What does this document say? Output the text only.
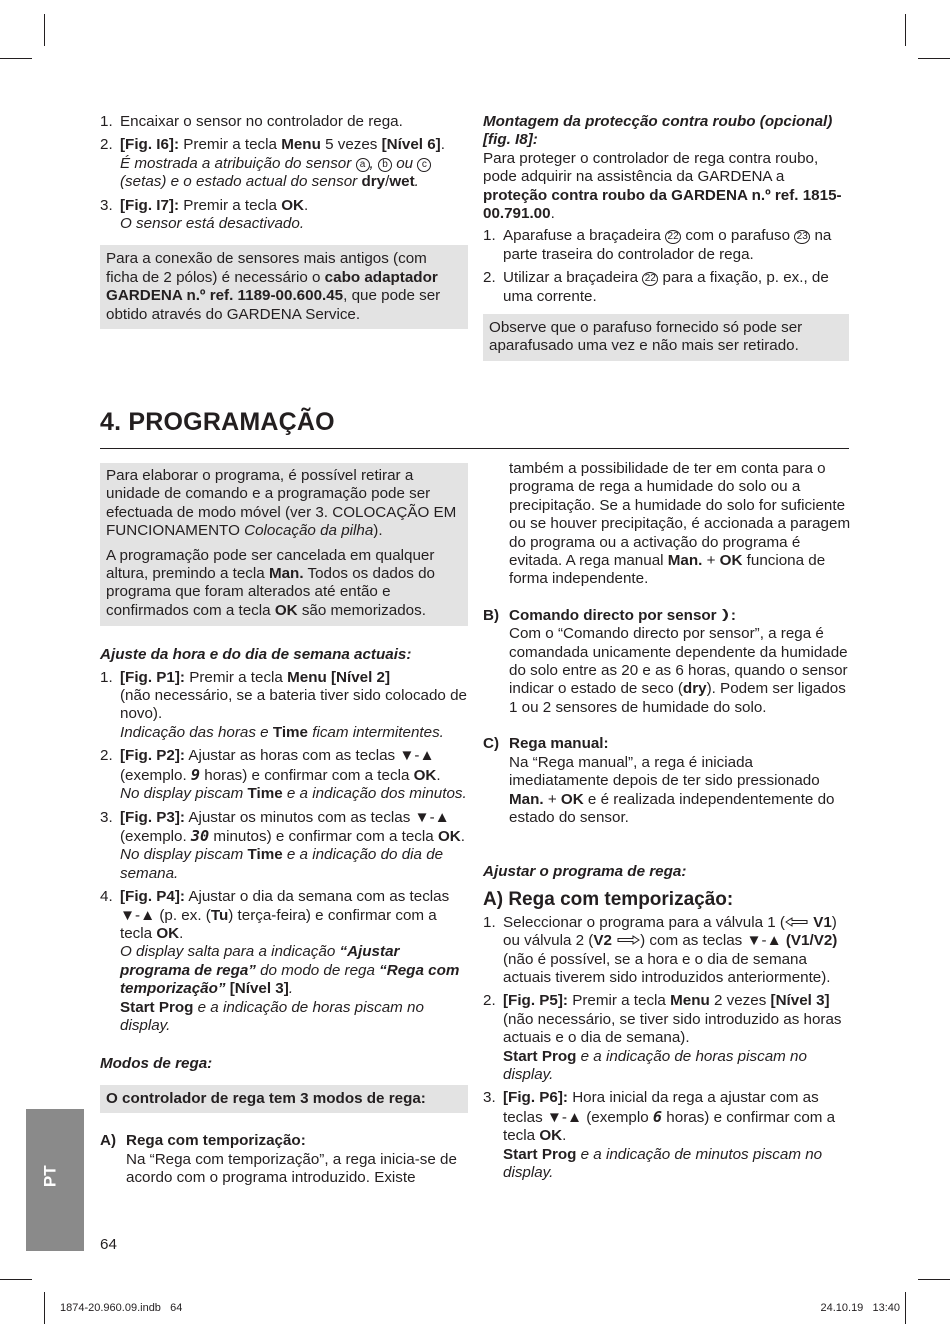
1. Encaixar o sensor no controlador de rega.
2. [Fig. I6]: Premir a tecla Menu 5 vezes [Nível 6].
É mostrada a atribuição do sensor a , b ou c
(setas) e o estado actual do sensor dry/wet.
3. [Fig. I7]: Premir a tecla OK.
O sensor está desactivado.
Para a conexão de sensores mais antigos (com ficha de 2 pólos) é necessário o cabo adaptador GARDENA n.º ref. 1189-00.600.45, que pode ser obtido através do GARDENA Service.

Montagem da protecção contra roubo (opcional) [fig. I8]:

Para proteger o controlador de rega contra roubo, pode adquirir na assistência da GARDENA a proteção contra roubo da GARDENA n.º ref. 1815-00.791.00.

1. Aparafuse a braçadeira 22 com o parafuso 23 na parte traseira do controlador de rega.
2. Utilizar a braçadeira 22 para a fixação, p. ex., de uma corrente.
Observe que o parafuso fornecido só pode ser aparafusado uma vez e não mais ser retirado.
4. PROGRAMAÇÃO

Para elaborar o programa, é possível retirar a unidade de comando e a programação pode ser efectuada de modo móvel (ver 3. COLOCAÇÃO EM FUNCIONAMENTO Colocação da pilha).

A programação pode ser cancelada em qualquer altura, premindo a tecla Man. Todos os dados do programa que foram alterados até então e confirmados com a tecla OK são memorizados.

Ajuste da hora e do dia de semana actuais:

1. [Fig. P1]: Premir a tecla Menu [Nível 2]
(não necessário, se a bateria tiver sido colocado de novo).
Indicação das horas e Time ficam intermitentes.
2. [Fig. P2]: Ajustar as horas com as teclas ▼-▲ (exemplo. 9 horas) e confirmar com a tecla OK.
No display piscam Time e a indicação dos minutos.
3. [Fig. P3]: Ajustar os minutos com as teclas ▼-▲ (exemplo. 30 minutos) e confirmar com a tecla OK.
No display piscam Time e a indicação do dia de semana.
4. [Fig. P4]: Ajustar o dia da semana com as teclas ▼-▲ (p. ex. (Tu) terça-feira) e confirmar com a tecla OK.
O display salta para a indicação “Ajustar programa de rega” do modo de rega “Rega com temporização” [Nível 3].
Start Prog e a indicação de horas piscam no display.

Modos de rega:

O controlador de rega tem 3 modos de rega:
A) Rega com temporização:
Na “Rega com temporização”, a rega inicia-se de acordo com o programa introduzido. Existe

também a possibilidade de ter em conta para o programa de rega a humidade do solo ou a precipitação. Se a humidade do solo for suficiente ou se houver precipitação, é accionada a paragem do programa ou a activação do programa é evitada. A rega manual Man. + OK funciona de forma independente.

B) Comando directo por sensor :
Com o “Comando directo por sensor”, a rega é comandada unicamente dependente da humidade do solo entre as 20 e as 6 horas, quando o sensor indicar o estado de seco (dry). Podem ser ligados 1 ou 2 sensores de humidade do solo.
C) Rega manual:
Na “Rega manual”, a rega é iniciada imediatamente depois de ter sido pressionado Man. + OK e é realizada independentemente do estado do sensor.

Ajustar o programa de rega:

A) Rega com temporização:

1. Seleccionar o programa para a válvula 1 ( V1) ou válvula 2 (V2 ) com as teclas ▼-▲ (V1/V2) (não é possível, se a hora e o dia de semana actuais tiverem sido introduzidos anteriormente).
2. [Fig. P5]: Premir a tecla Menu 2 vezes [Nível 3] (não necessário, se tiver sido introduzido as horas actuais e o dia de semana).
Start Prog e a indicação de horas piscam no display.
3. [Fig. P6]: Hora inicial da rega a ajustar com as teclas ▼-▲ (exemplo 6 horas) e confirmar com a tecla OK.
Start Prog e a indicação de minutos piscam no display.
PT
64
1874-20.960.09.indb   64	24.10.19   13:40
